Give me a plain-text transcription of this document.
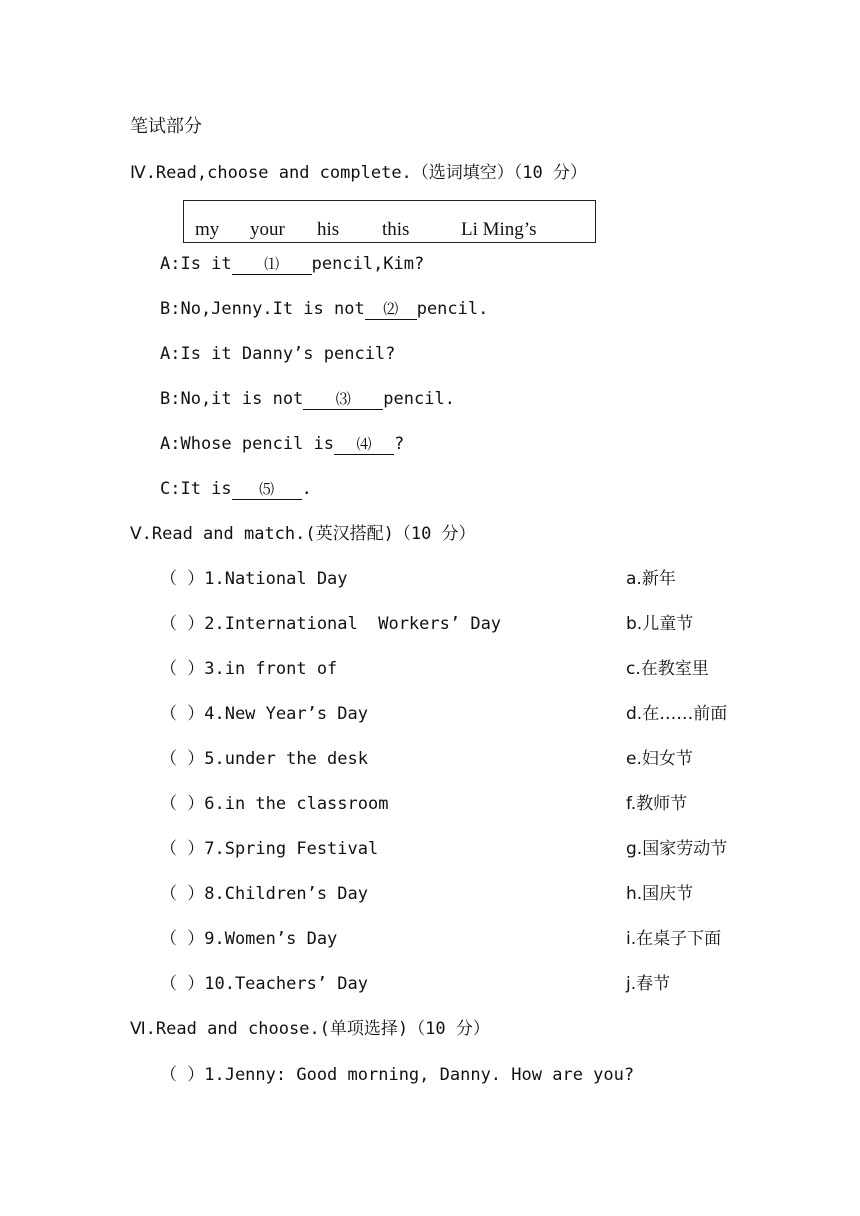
笔试部分
Ⅳ.Read,choose and complete.（选词填空）（10 分）
my your his this	Li Ming’s
A:Is it ⑴ pencil,Kim?
B:No,Jenny.It is not ⑵ pencil.
A:Is it Danny’s pencil?
B:No,it is not ⑶ pencil.
A:Whose pencil is ⑷ ?
C:It is ⑸ .
Ⅴ.Read and match.(英汉搭配)（10 分）
（ ）1.National Day	a.新年
（ ）2.International  Workers’ Day	b.儿童节
（ ）3.in front of	c.在教室里
（ ）4.New Year’s Day	d.在……前面
（ ）5.under the desk	e.妇女节
（ ）6.in the classroom	f.教师节
（ ）7.Spring Festival	g.国家劳动节
（ ）8.Children’s Day	h.国庆节
（ ）9.Women’s Day	i.在桌子下面
（ ）10.Teachers’ Day	j.春节
Ⅵ.Read and choose.(单项选择)（10 分）
（ ）1.Jenny: Good morning, Danny. How are you?
